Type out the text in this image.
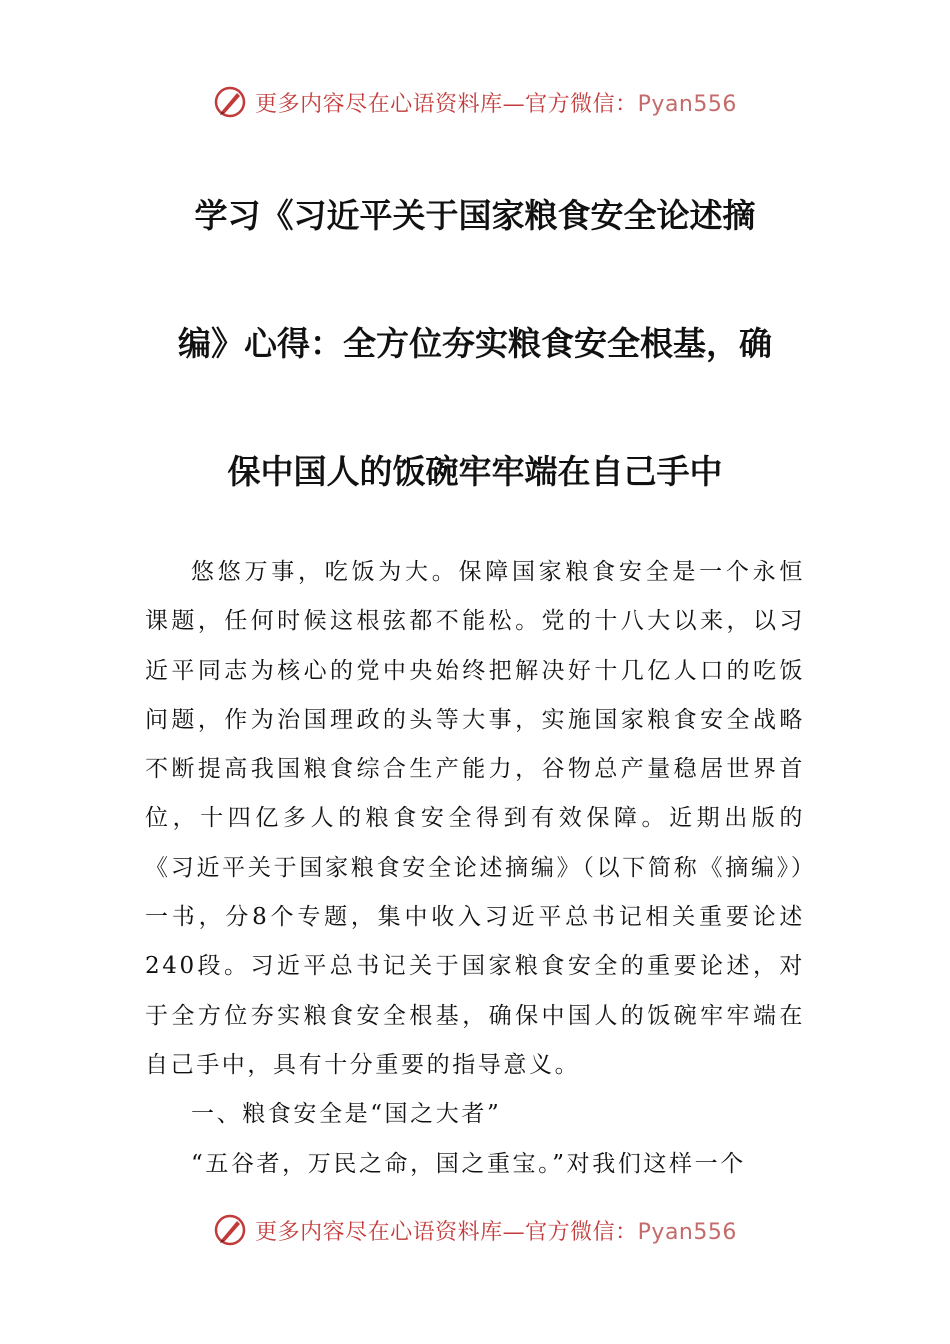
更多内容尽在心语资料库—官方微信：Pyan556
学习《习近平关于国家粮食安全论述摘
编》心得：全方位夯实粮食安全根基，确
保中国人的饭碗牢牢端在自己手中

悠悠万事，吃饭为大。保障国家粮食安全是一个永恒课题，任何时候这根弦都不能松。党的十八大以来，以习近平同志为核心的党中央始终把解决好十几亿人口的吃饭问题，作为治国理政的头等大事，实施国家粮食安全战略不断提高我国粮食综合生产能力，谷物总产量稳居世界首位，十四亿多人的粮食安全得到有效保障。近期出版的《习近平关于国家粮食安全论述摘编》（以下简称《摘编》）一书，分8个专题，集中收入习近平总书记相关重要论述240段。习近平总书记关于国家粮食安全的重要论述，对于全方位夯实粮食安全根基，确保中国人的饭碗牢牢端在自己手中，具有十分重要的指导意义。

一、粮食安全是“国之大者”

“五谷者，万民之命，国之重宝。”对我们这样一个

更多内容尽在心语资料库—官方微信：Pyan556
